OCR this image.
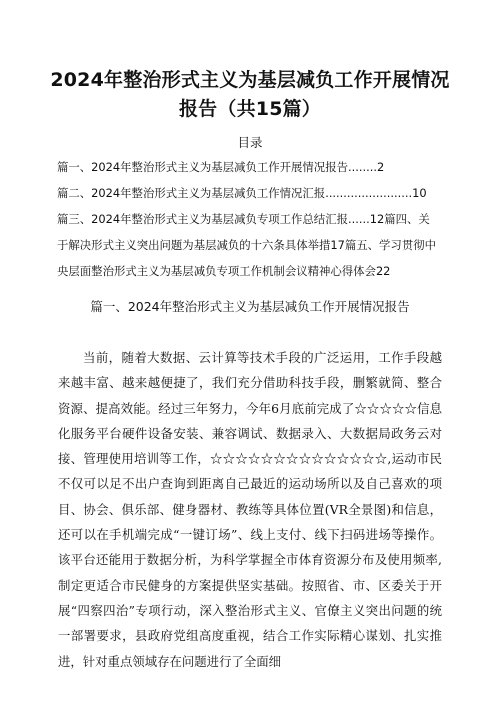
2024年整治形式主义为基层减负工作开展情况
报告（共15篇）
目录
篇一、2024年整治形式主义为基层减负工作开展情况报告........2
篇二、2024年整治形式主义为基层减负工作情况汇报........................10
篇三、2024年整治形式主义为基层减负专项工作总结汇报......12篇四、关于解决形式主义突出问题为基层减负的十六条具体举措17篇五、学习贯彻中央层面整治形式主义为基层减负专项工作机制会议精神心得体会22
篇一、2024年整治形式主义为基层减负工作开展情况报告

当前，随着大数据、云计算等技术手段的广泛运用，工作手段越来越丰富、越来越便捷了，我们充分借助科技手段，删繁就简、整合资源、提高效能。经过三年努力，今年6月底前完成了☆☆☆☆☆信息化服务平台硬件设备安装、兼容调试、数据录入、大数据局政务云对接、管理使用培训等工作，☆☆☆☆☆☆☆☆☆☆☆☆☆☆,运动市民不仅可以足不出户查询到距离自己最近的运动场所以及自己喜欢的项目、协会、俱乐部、健身器材、教练等具体位置(VR全景图)和信息，还可以在手机端完成“一键订场”、线上支付、线下扫码进场等操作。该平台还能用于数据分析，为科学掌握全市体育资源分布及使用频率,制定更适合市民健身的方案提供坚实基础。按照省、市、区委关于开展“四察四治”专项行动，深入整治形式主义、官僚主义突出问题的统一部署要求，县政府党组高度重视，结合工作实际精心谋划、扎实推进，针对重点领域存在问题进行了全面细
